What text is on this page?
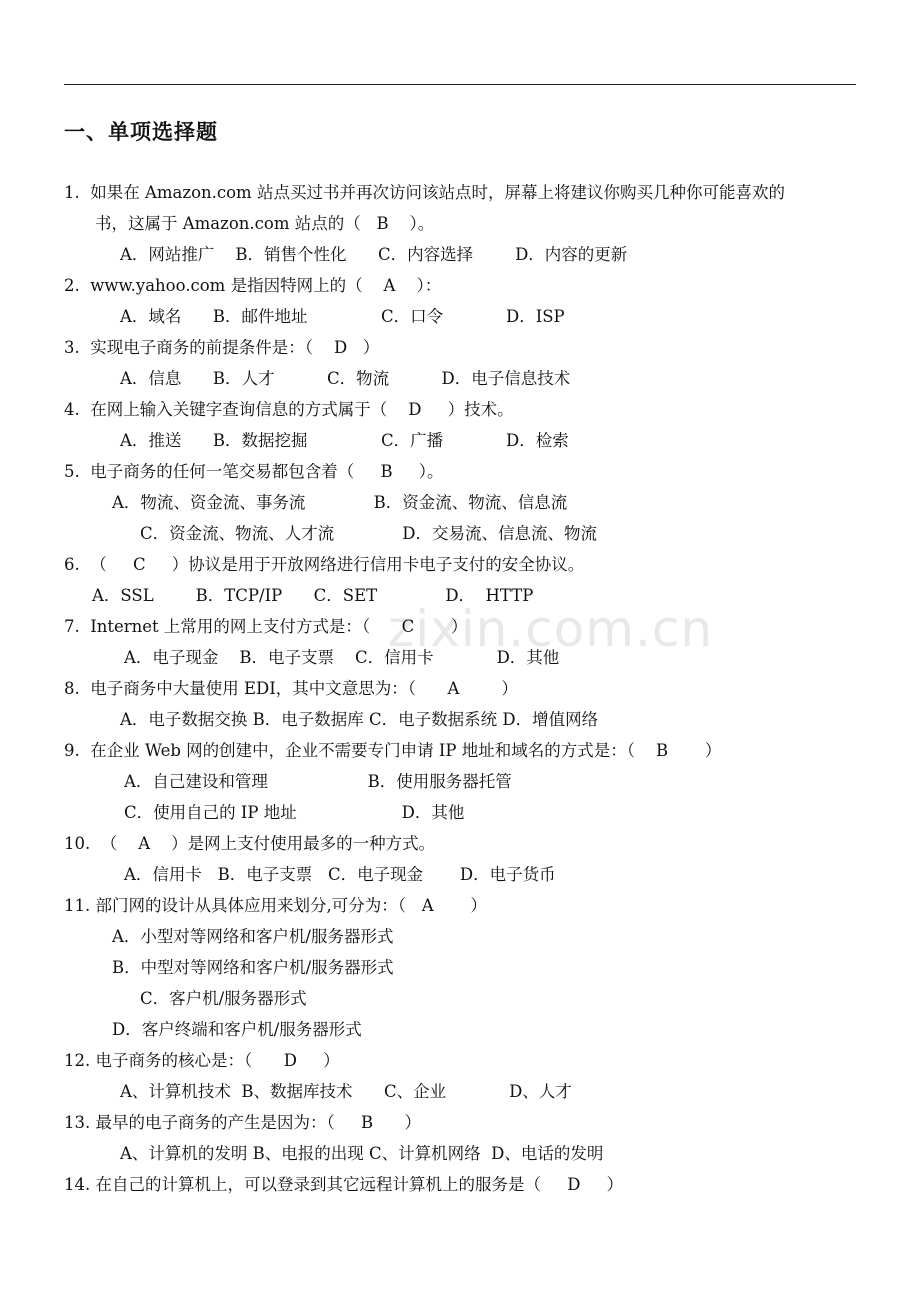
一、单项选择题
zixin.com.cn
1.  如果在 Amazon.com 站点买过书并再次访问该站点时，屏幕上将建议你购买几种你可能喜欢的
书，这属于 Amazon.com 站点的（   B    ）。
A．网站推广    B．销售个性化      C．内容选择        D．内容的更新
2.  www.yahoo.com 是指因特网上的（    A    ）：
A．域名      B．邮件地址              C．口令            D．ISP
3.  实现电子商务的前提条件是：（    D   ）
A．信息      B．人才          C．物流          D．电子信息技术
4.  在网上输入关键字查询信息的方式属于（    D     ）技术。
A．推送      B．数据挖掘              C．广播            D．检索
5.  电子商务的任何一笔交易都包含着（     B     ）。
A．物流、资金流、事务流             B．资金流、物流、信息流
C．资金流、物流、人才流             D．交易流、信息流、物流
6.  （     C     ）协议是用于开放网络进行信用卡电子支付的安全协议。
A．SSL        B．TCP/IP      C．SET             D．  HTTP
7.  Internet 上常用的网上支付方式是：（      C       ）
A．电子现金    B．电子支票    C．信用卡            D．其他
8.  电子商务中大量使用 EDI，其中文意思为：（      A        ）
A．电子数据交换 B．电子数据库 C．电子数据系统 D．增值网络
9.  在企业 Web 网的创建中，企业不需要专门申请 IP 地址和域名的方式是：（    B       ）
A．自己建设和管理                   B．使用服务器托管
C．使用自己的 IP 地址                    D．其他
10.  （    A    ）是网上支付使用最多的一种方式。
A．信用卡   B．电子支票   C．电子现金       D．电子货币
11. 部门网的设计从具体应用来划分,可分为：（   A       ）
A．小型对等网络和客户机/服务器形式
B．中型对等网络和客户机/服务器形式
C．客户机/服务器形式
D．客户终端和客户机/服务器形式
12. 电子商务的核心是：（      D     ）
A、计算机技术  B、数据库技术      C、企业            D、人才
13. 最早的电子商务的产生是因为：（     B      ）
A、计算机的发明 B、电报的出现 C、计算机网络  D、电话的发明
14. 在自己的计算机上，可以登录到其它远程计算机上的服务是（     D     ）
